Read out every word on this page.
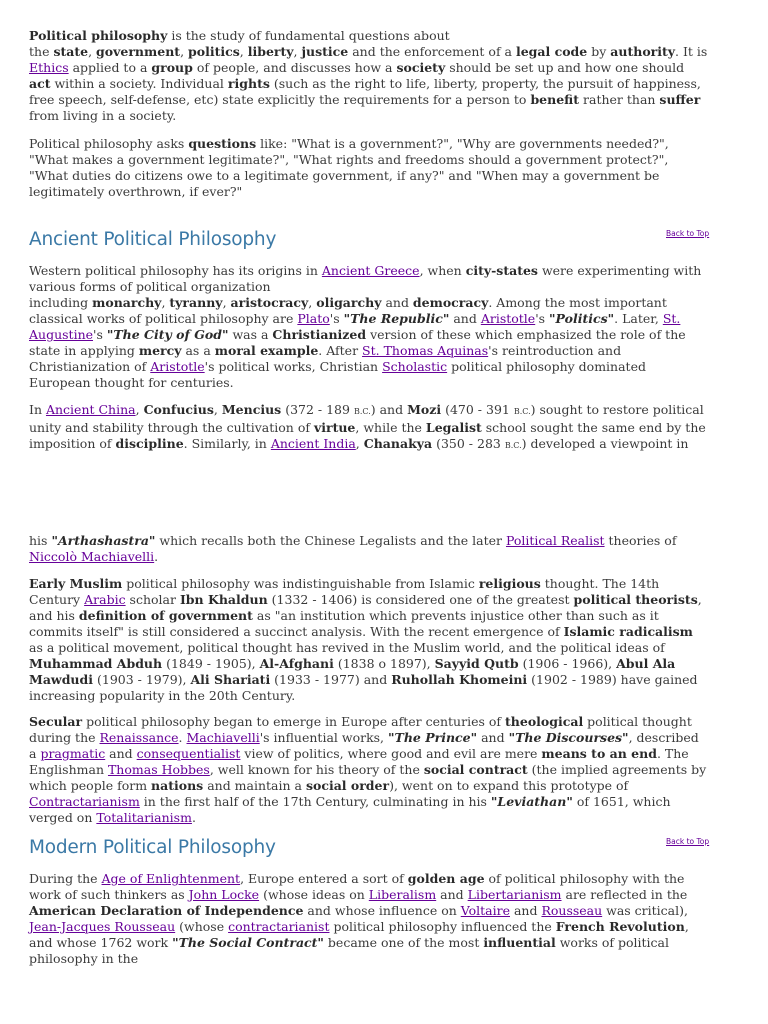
Political philosophy is the study of fundamental questions about
the state, government, politics, liberty, justice and the enforcement of a legal code by authority. It is Ethics applied to a group of people, and discusses how a society should be set up and how one should act within a society. Individual rights (such as the right to life, liberty, property, the pursuit of happiness, free speech, self-defense, etc) state explicitly the requirements for a person to benefit rather than suffer from living in a society.

Political philosophy asks questions like: "What is a government?", "Why are governments needed?", "What makes a government legitimate?", "What rights and freedoms should a government protect?", "What duties do citizens owe to a legitimate government, if any?" and "When may a government be legitimately overthrown, if ever?"

Ancient Political Philosophy	Back to Top

Western political philosophy has its origins in Ancient Greece, when city-states were experimenting with various forms of political organization
including monarchy, tyranny, aristocracy, oligarchy and democracy. Among the most important classical works of political philosophy are Plato's "The Republic" and Aristotle's "Politics". Later, St. Augustine's "The City of God" was a Christianized version of these which emphasized the role of the state in applying mercy as a moral example. After St. Thomas Aquinas's reintroduction and Christianization of Aristotle's political works, Christian Scholastic political philosophy dominated European thought for centuries.

In Ancient China, Confucius, Mencius (372 - 189 B.C.) and Mozi (470 - 391 B.C.) sought to restore political unity and stability through the cultivation of virtue, while the Legalist school sought the same end by the imposition of discipline. Similarly, in Ancient India, Chanakya (350 - 283 B.C.) developed a viewpoint in

his "Arthashastra" which recalls both the Chinese Legalists and the later Political Realist theories of Niccolò Machiavelli.

Early Muslim political philosophy was indistinguishable from Islamic religious thought. The 14th Century Arabic scholar Ibn Khaldun (1332 - 1406) is considered one of the greatest political theorists, and his definition of government as "an institution which prevents injustice other than such as it commits itself" is still considered a succinct analysis. With the recent emergence of Islamic radicalism as a political movement, political thought has revived in the Muslim world, and the political ideas of Muhammad Abduh (1849 - 1905), Al-Afghani (1838 o 1897), Sayyid Qutb (1906 - 1966), Abul Ala Mawdudi (1903 - 1979), Ali Shariati (1933 - 1977) and Ruhollah Khomeini (1902 - 1989) have gained increasing popularity in the 20th Century.

Secular political philosophy began to emerge in Europe after centuries of theological political thought during the Renaissance. Machiavelli's influential works, "The Prince" and "The Discourses", described a pragmatic and consequentialist view of politics, where good and evil are mere means to an end. The Englishman Thomas Hobbes, well known for his theory of the social contract (the implied agreements by which people form nations and maintain a social order), went on to expand this prototype of Contractarianism in the first half of the 17th Century, culminating in his "Leviathan" of 1651, which verged on Totalitarianism.

Modern Political Philosophy	Back to Top

During the Age of Enlightenment, Europe entered a sort of golden age of political philosophy with the work of such thinkers as John Locke (whose ideas on Liberalism and Libertarianism are reflected in the American Declaration of Independence and whose influence on Voltaire and Rousseau was critical), Jean-Jacques Rousseau (whose contractarianist political philosophy influenced the French Revolution, and whose 1762 work "The Social Contract" became one of the most influential works of political philosophy in the
